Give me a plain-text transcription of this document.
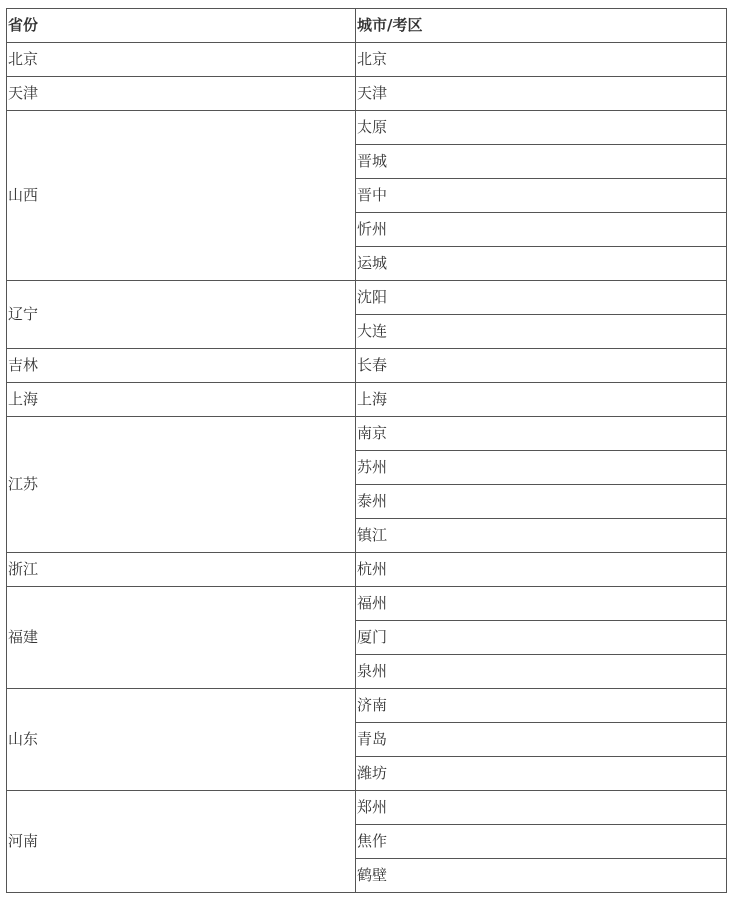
省份	城市/考区
北京	北京
天津	天津
山西	太原
	晋城
	晋中
	忻州
	运城
辽宁	沈阳
	大连
吉林	长春
上海	上海
江苏	南京
	苏州
	泰州
	镇江
浙江	杭州
福建	福州
	厦门
	泉州
山东	济南
	青岛
	潍坊
河南	郑州
	焦作
	鹤壁
